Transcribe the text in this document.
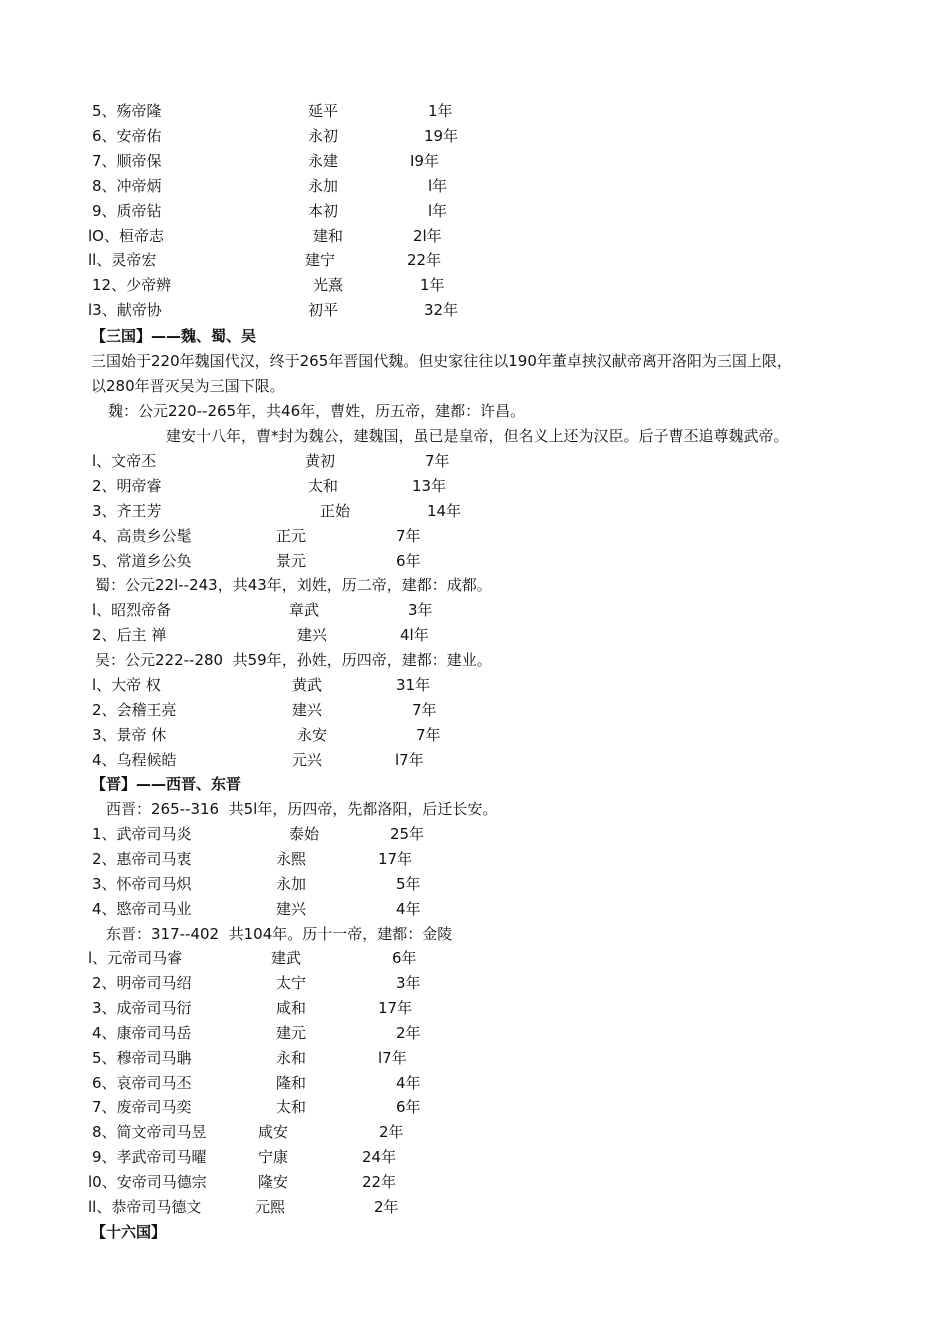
5、殇帝隆	延平	1年
6、安帝佑	永初	19年
7、顺帝保	永建	I9年
8、冲帝炳	永加	l年
9、质帝钻	本初	l年
lO、桓帝志	建和	2l年
ll、灵帝宏	建宁	22年
12、少帝辨	光熹	1年
l3、献帝协	初平	32年
【三国】——魏、蜀、吴
三国始于220年魏国代汉，终于265年晋国代魏。但史家往往以190年董卓挟汉献帝离开洛阳为三国上限，
以280年晋灭吴为三国下限。
魏：公元220--265年，共46年，曹姓，历五帝，建都：许昌。
建安十八年，曹*封为魏公，建魏国，虽已是皇帝，但名义上还为汉臣。后子曹丕追尊魏武帝。
l、文帝丕	黄初	7年
2、明帝睿	太和	13年
3、齐王芳	正始	14年
4、高贵乡公髦	正元	7年
5、常道乡公奂	景元	6年
蜀：公元22l--243，共43年，刘姓，历二帝，建都：成都。
l、昭烈帝备	章武	3年
2、后主 禅	建兴	4l年
吴：公元222--280  共59年，孙姓，历四帝，建都：建业。
l、大帝 权	黄武	31年
2、会稽王亮	建兴	7年
3、景帝 休	永安	7年
4、乌程候皓	元兴	l7年
【晋】——西晋、东晋
西晋：265--316  共5l年，历四帝，先都洛阳，后迁长安。
1、武帝司马炎	泰始	25年
2、惠帝司马衷	永熙	17年
3、怀帝司马炽	永加	5年
4、愍帝司马业	建兴	4年
东晋：317--402  共104年。历十一帝，建都：金陵
l、元帝司马睿	建武	6年
2、明帝司马绍	太宁	3年
3、成帝司马衍	咸和	17年
4、康帝司马岳	建元	2年
5、穆帝司马聃	永和	l7年
6、哀帝司马丕	隆和	4年
7、废帝司马奕	太和	6年
8、简文帝司马昱	咸安	2年
9、孝武帝司马曜	宁康	24年
l0、安帝司马德宗	隆安	22年
ll、恭帝司马德文	元熙	2年
【十六国】
